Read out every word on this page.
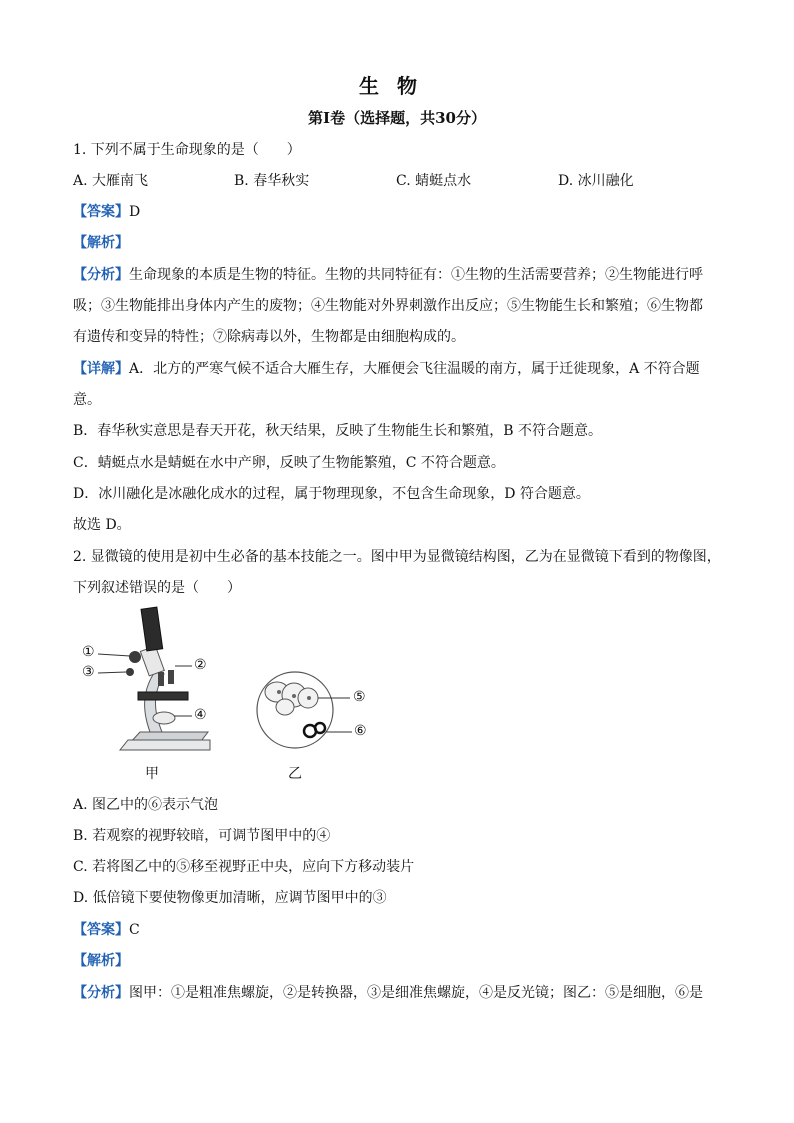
生物
第Ⅰ卷（选择题，共30分）
1. 下列不属于生命现象的是（　　）
A. 大雁南飞	B. 春华秋实	C. 蜻蜓点水	D. 冰川融化
【答案】D
【解析】
【分析】生命现象的本质是生物的特征。生物的共同特征有：①生物的生活需要营养；②生物能进行呼
吸；③生物能排出身体内产生的废物；④生物能对外界刺激作出反应；⑤生物能生长和繁殖；⑥生物都
有遗传和变异的特性；⑦除病毒以外，生物都是由细胞构成的。
【详解】A．北方的严寒气候不适合大雁生存，大雁便会飞往温暖的南方，属于迁徙现象，A 不符合题
意。
B．春华秋实意思是春天开花，秋天结果，反映了生物能生长和繁殖，B 不符合题意。
C．蜻蜓点水是蜻蜓在水中产卵，反映了生物能繁殖，C 不符合题意。
D．冰川融化是冰融化成水的过程，属于物理现象，不包含生命现象，D 符合题意。
故选 D。
2. 显微镜的使用是初中生必备的基本技能之一。图中甲为显微镜结构图，乙为在显微镜下看到的物像图，
下列叙述错误的是（　　）
①
③	②
④
⑤
⑥
甲	乙
A. 图乙中的⑥表示气泡
B. 若观察的视野较暗，可调节图甲中的④
C. 若将图乙中的⑤移至视野正中央，应向下方移动装片
D. 低倍镜下要使物像更加清晰，应调节图甲中的③
【答案】C
【解析】
【分析】图甲：①是粗准焦螺旋，②是转换器，③是细准焦螺旋，④是反光镜；图乙：⑤是细胞，⑥是
